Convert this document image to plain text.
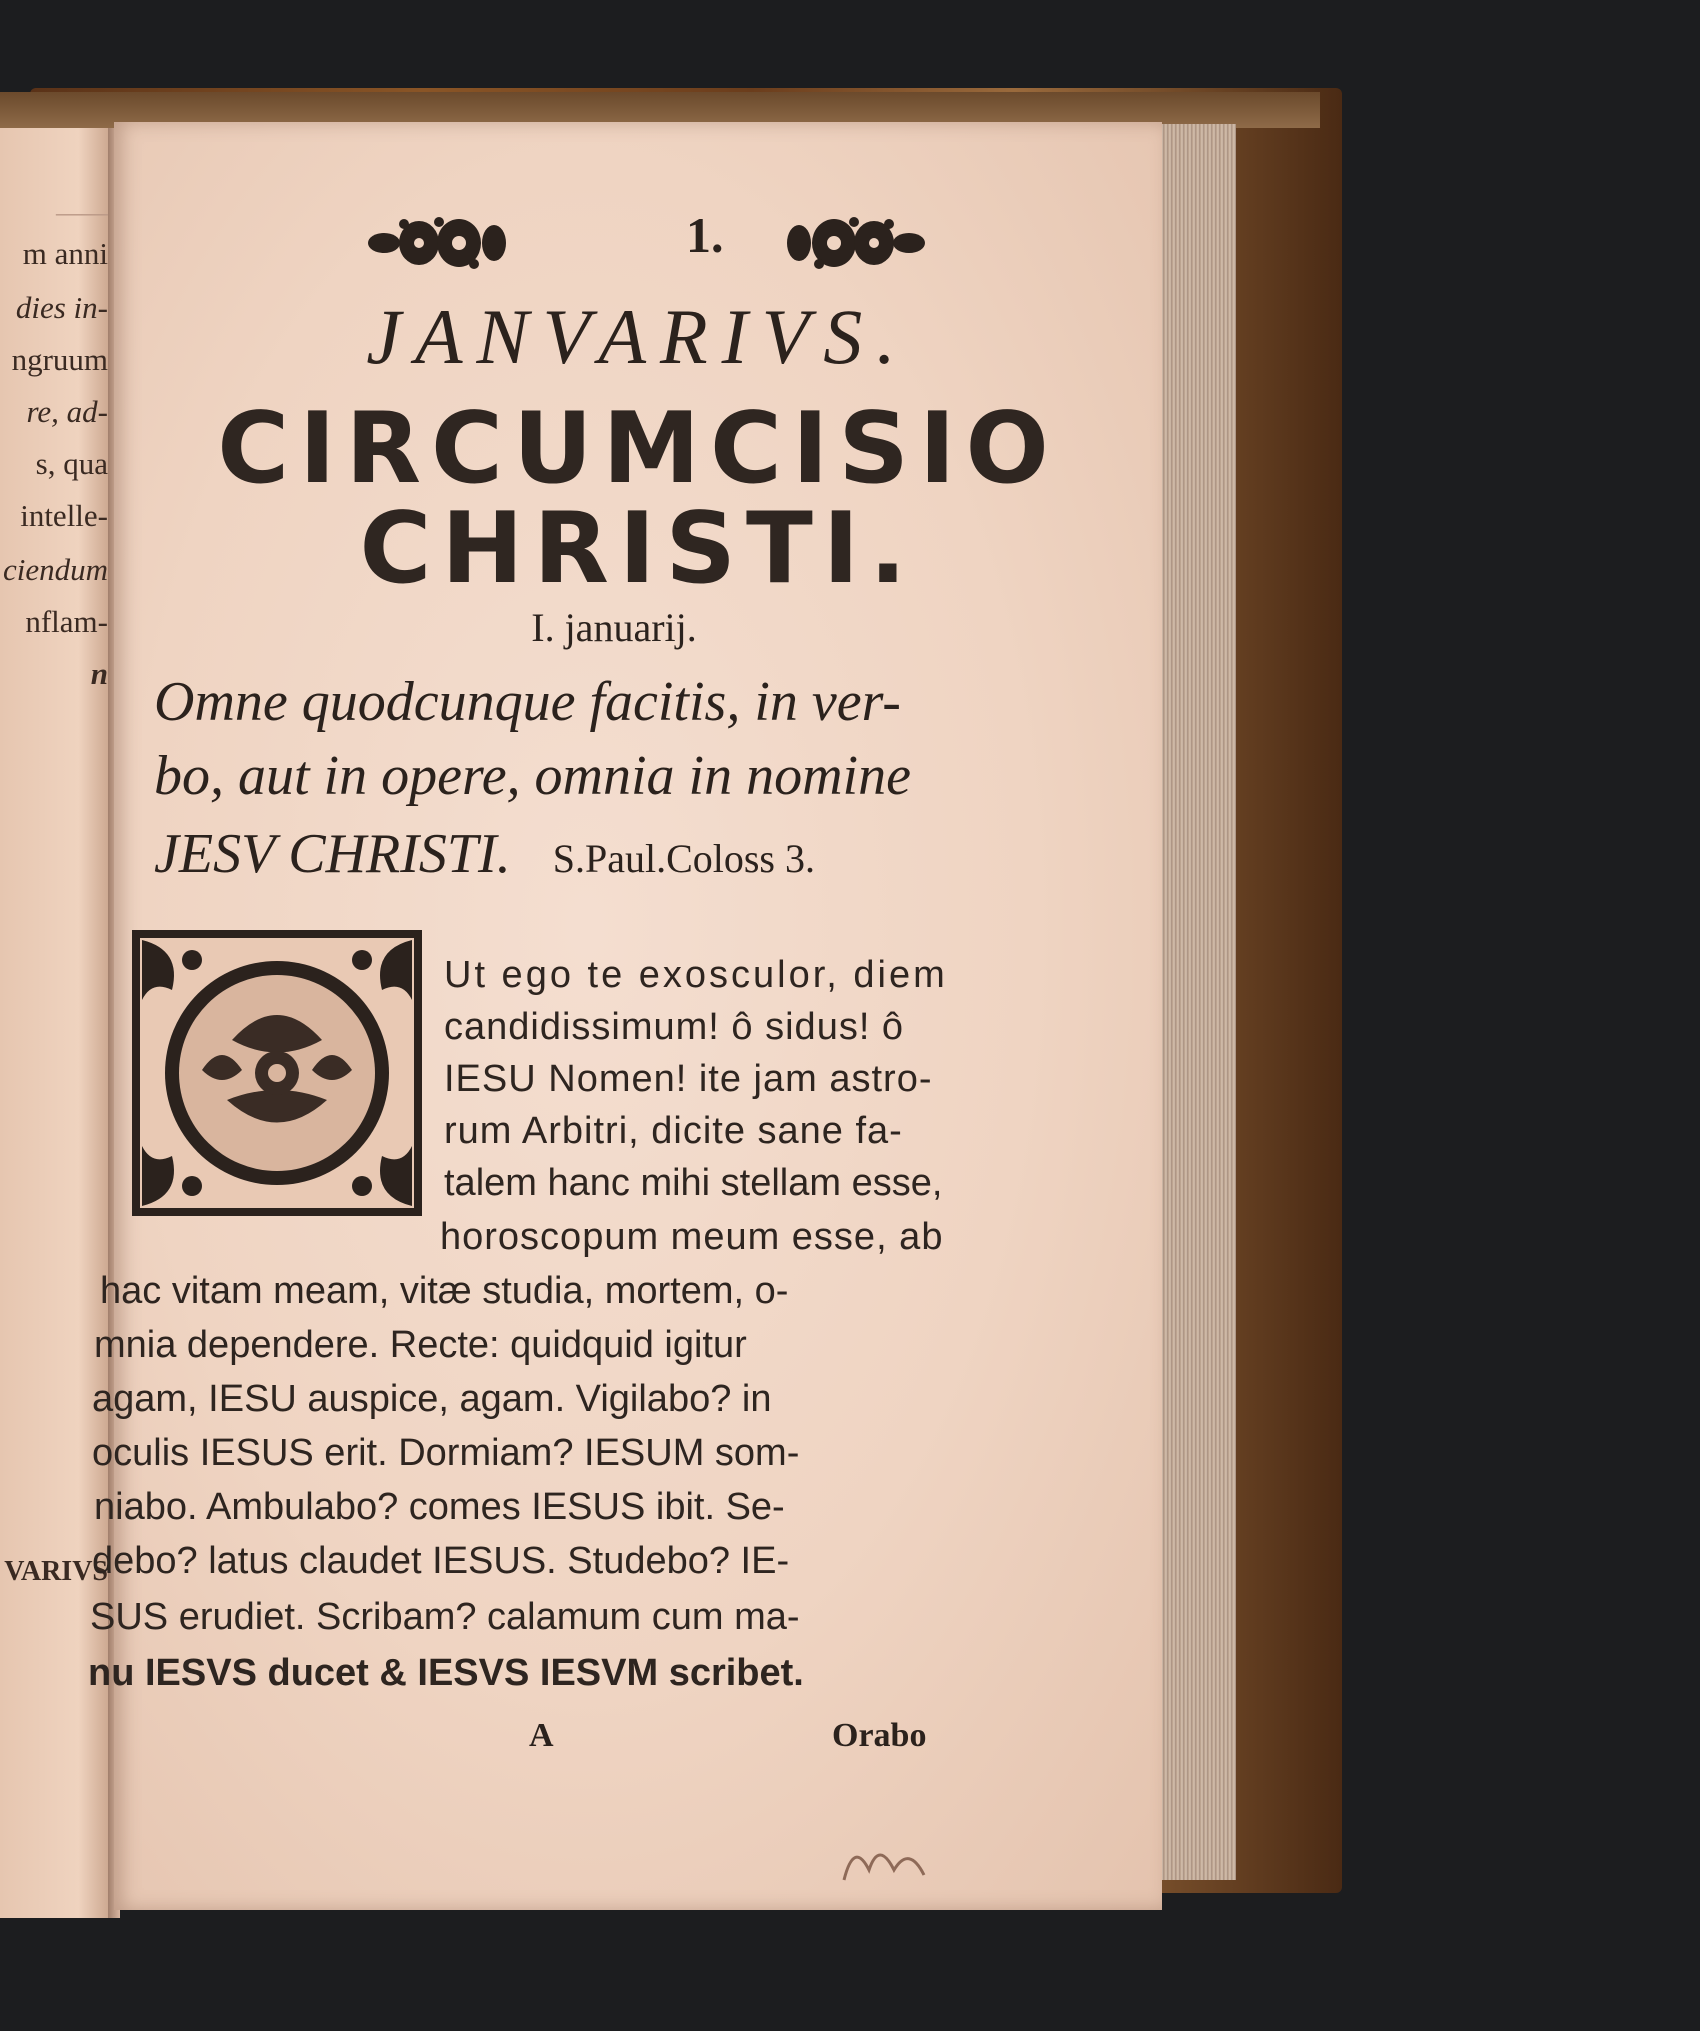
——
m anni
dies in-
ngruum
re, ad-
s, qua
intelle-
ciendum
nflam-
n
VARIVS
1.
JANVARIVS.
CIRCUMCISIO
CHRISTI.
I. januarij.
Omne quodcunque facitis, in ver-
bo, aut in opere, omnia in nomine
JESV CHRISTI. S.Paul.Coloss 3.
Ut ego te exosculor, diem
candidissimum! ô sidus! ô
IESU Nomen! ite jam astro-
rum Arbitri, dicite sane fa-
talem hanc mihi stellam esse,
horoscopum meum esse, ab
hac vitam meam, vitæ studia, mortem, o-
mnia dependere. Recte: quidquid igitur
agam, IESU auspice, agam. Vigilabo? in
oculis IESUS erit. Dormiam? IESUM som-
niabo. Ambulabo? comes IESUS ibit. Se-
debo? latus claudet IESUS. Studebo? IE-
SUS erudiet. Scribam? calamum cum ma-
nu IESVS ducet & IESVS IESVM scribet.
A	Orabo
